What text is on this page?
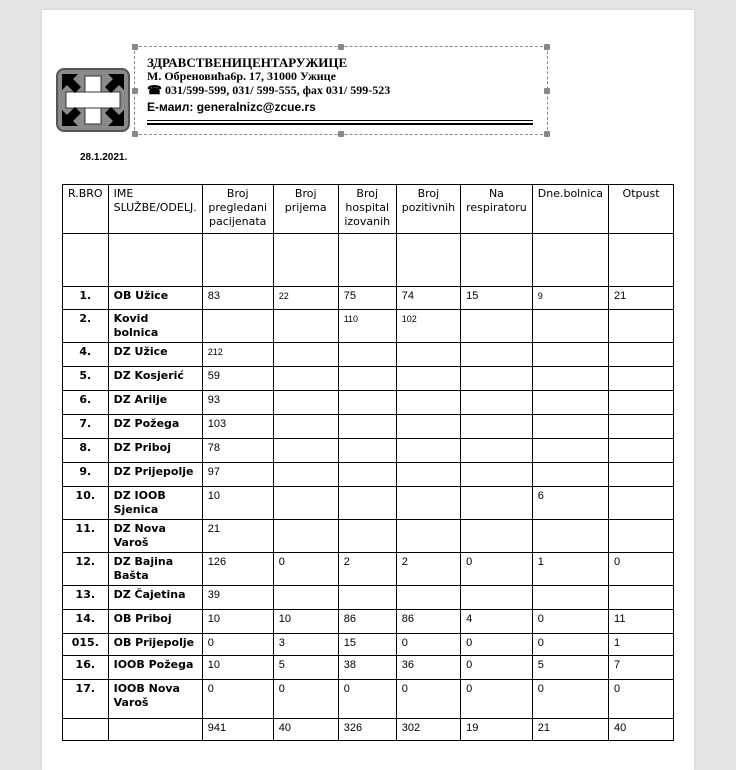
ЗДРАВСТВЕНИЦЕНТАРУЖИЦЕ
М. Обреновића6р. 17, 31000 Ужице
☎ 031/599-599, 031/ 599-555, фах 031/ 599-523
Е-маил: generalnizc@zcue.rs
28.1.2021.
R.BRO	IME SLUŽBE/ODELJ.	Broj pregledani pacijenata	Broj prijema	Broj hospital izovanih	Broj pozitivnih	Na respiratoru	Dne.bolnica	Otpust

1.	OB Užice	83	22	75	74	15	9	21
2.	Kovid bolnica			110	102			
4.	DZ Užice	212						
5.	DZ Kosjerić	59						
6.	DZ Arilje	93						
7.	DZ Požega	103						
8.	DZ Priboj	78						
9.	DZ Prijepolje	97						
10.	DZ IOOB Sjenica	10					6	
11.	DZ Nova Varoš	21						
12.	DZ Bajina Bašta	126	0	2	2	0	1	0
13.	DZ Čajetina	39						
14.	OB Priboj	10	10	86	86	4	0	11
015.	OB Prijepolje	0	3	15	0	0	0	1
16.	IOOB Požega	10	5	38	36	0	5	7
17.	IOOB Nova Varoš	0	0	0	0	0	0	0
		941	40	326	302	19	21	40
